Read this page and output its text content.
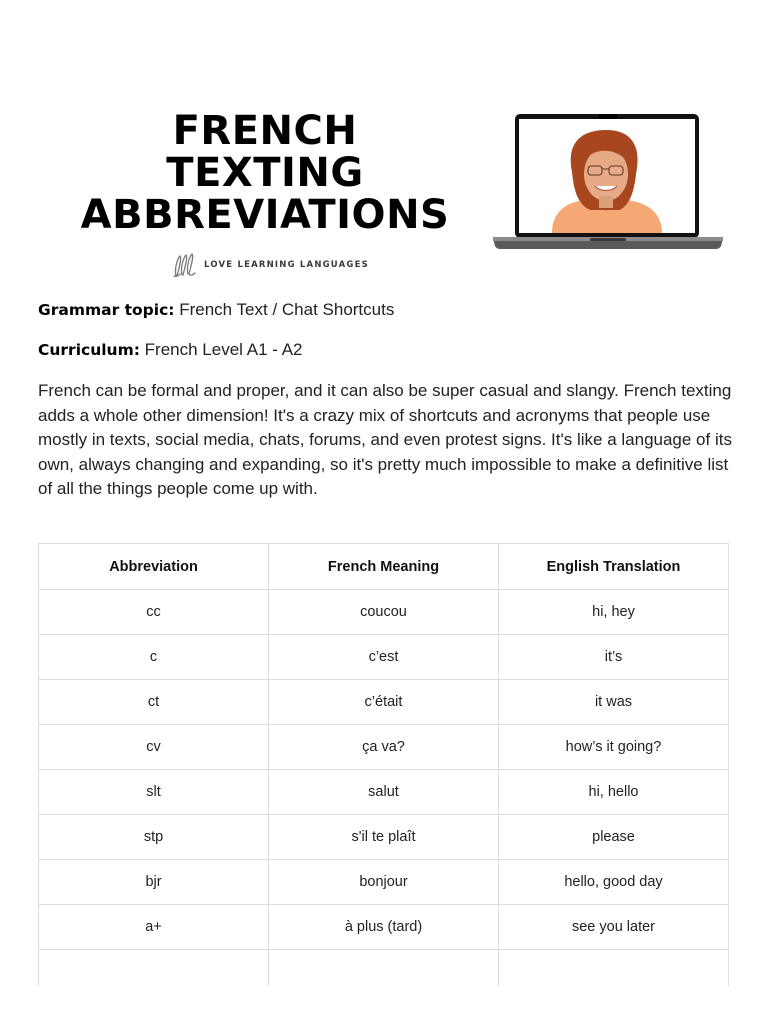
FRENCH
TEXTING
ABBREVIATIONS
LOVE LEARNING LANGUAGES
Grammar topic: French Text / Chat Shortcuts
Curriculum: French Level A1 - A2

French can be formal and proper, and it can also be super casual and slangy. French texting adds a whole other dimension! It's a crazy mix of shortcuts and acronyms that people use mostly in texts, social media, chats, forums, and even protest signs. It's like a language of its own, always changing and expanding, so it's pretty much impossible to make a definitive list of all the things people come up with.

Abbreviation	French Meaning	English Translation
cc	coucou	hi, hey
c	c’est	it’s
ct	c’était	it was
cv	ça va?	how’s it going?
slt	salut	hi, hello
stp	s'il te plaît	please
bjr	bonjour	hello, good day
a+	à plus (tard)	see you later
